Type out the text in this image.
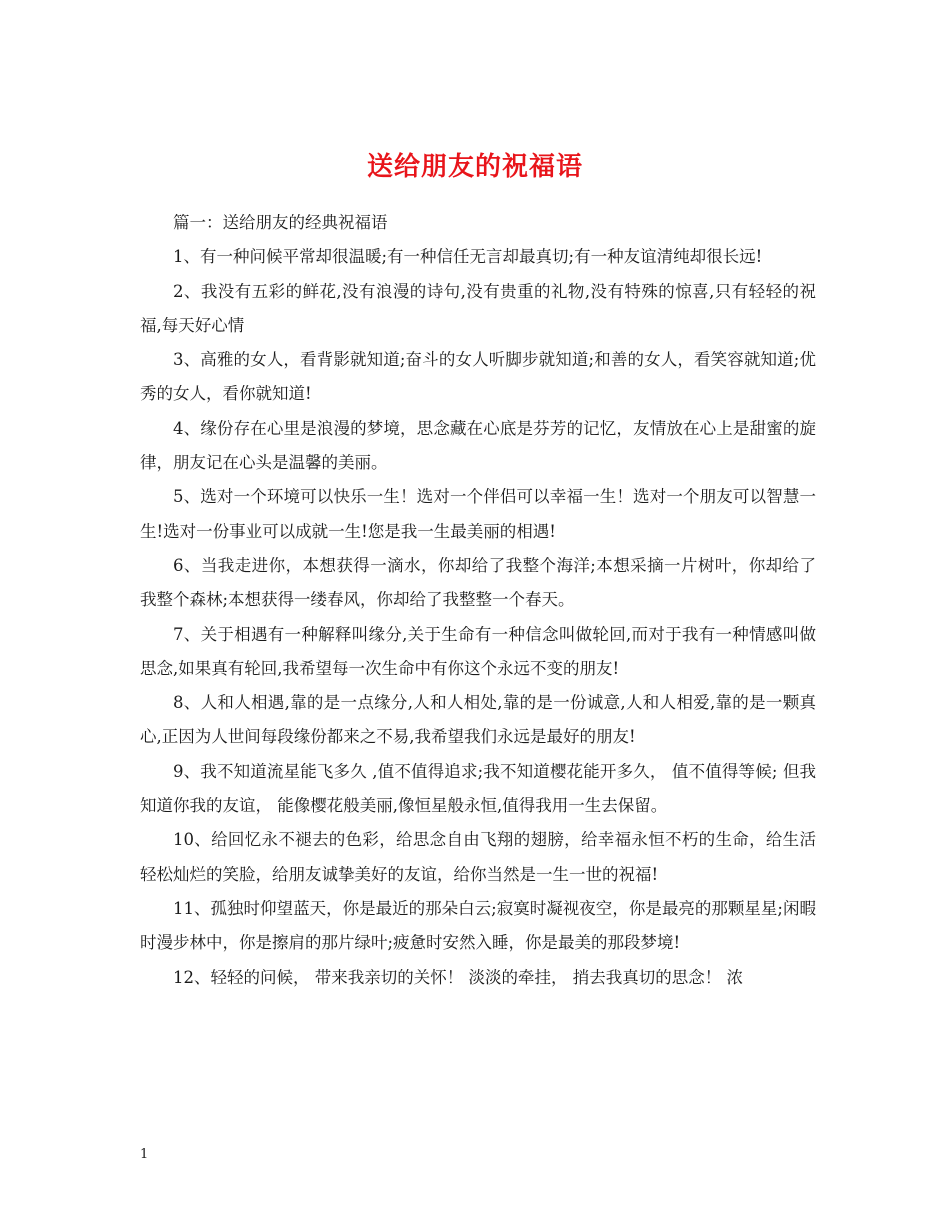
送给朋友的祝福语

篇一：送给朋友的经典祝福语

1、有一种问候平常却很温暖;有一种信任无言却最真切;有一种友谊清纯却很长远!

2、我没有五彩的鲜花,没有浪漫的诗句,没有贵重的礼物,没有特殊的惊喜,只有轻轻的祝福,每天好心情

3、高雅的女人，看背影就知道;奋斗的女人听脚步就知道;和善的女人，看笑容就知道;优秀的女人，看你就知道!

4、缘份存在心里是浪漫的梦境，思念藏在心底是芬芳的记忆，友情放在心上是甜蜜的旋律，朋友记在心头是温馨的美丽。

5、选对一个环境可以快乐一生！选对一个伴侣可以幸福一生！选对一个朋友可以智慧一生!选对一份事业可以成就一生!您是我一生最美丽的相遇!

6、当我走进你，本想获得一滴水，你却给了我整个海洋;本想采摘一片树叶，你却给了我整个森林;本想获得一缕春风，你却给了我整整一个春天。

7、关于相遇有一种解释叫缘分,关于生命有一种信念叫做轮回,而对于我有一种情感叫做思念,如果真有轮回,我希望每一次生命中有你这个永远不变的朋友!

8、人和人相遇,靠的是一点缘分,人和人相处,靠的是一份诚意,人和人相爱,靠的是一颗真心,正因为人世间每段缘份都来之不易,我希望我们永远是最好的朋友!

9、我不知道流星能飞多久 ,值不值得追求;我不知道樱花能开多久， 值不值得等候; 但我知道你我的友谊， 能像樱花般美丽,像恒星般永恒,值得我用一生去保留。

10、给回忆永不褪去的色彩，给思念自由飞翔的翅膀，给幸福永恒不朽的生命，给生活轻松灿烂的笑脸，给朋友诚挚美好的友谊，给你当然是一生一世的祝福!

11、孤独时仰望蓝天，你是最近的那朵白云;寂寞时凝视夜空，你是最亮的那颗星星;闲暇时漫步林中，你是擦肩的那片绿叶;疲惫时安然入睡，你是最美的那段梦境!

12、轻轻的问候， 带来我亲切的关怀！ 淡淡的牵挂， 捎去我真切的思念！ 浓

1
